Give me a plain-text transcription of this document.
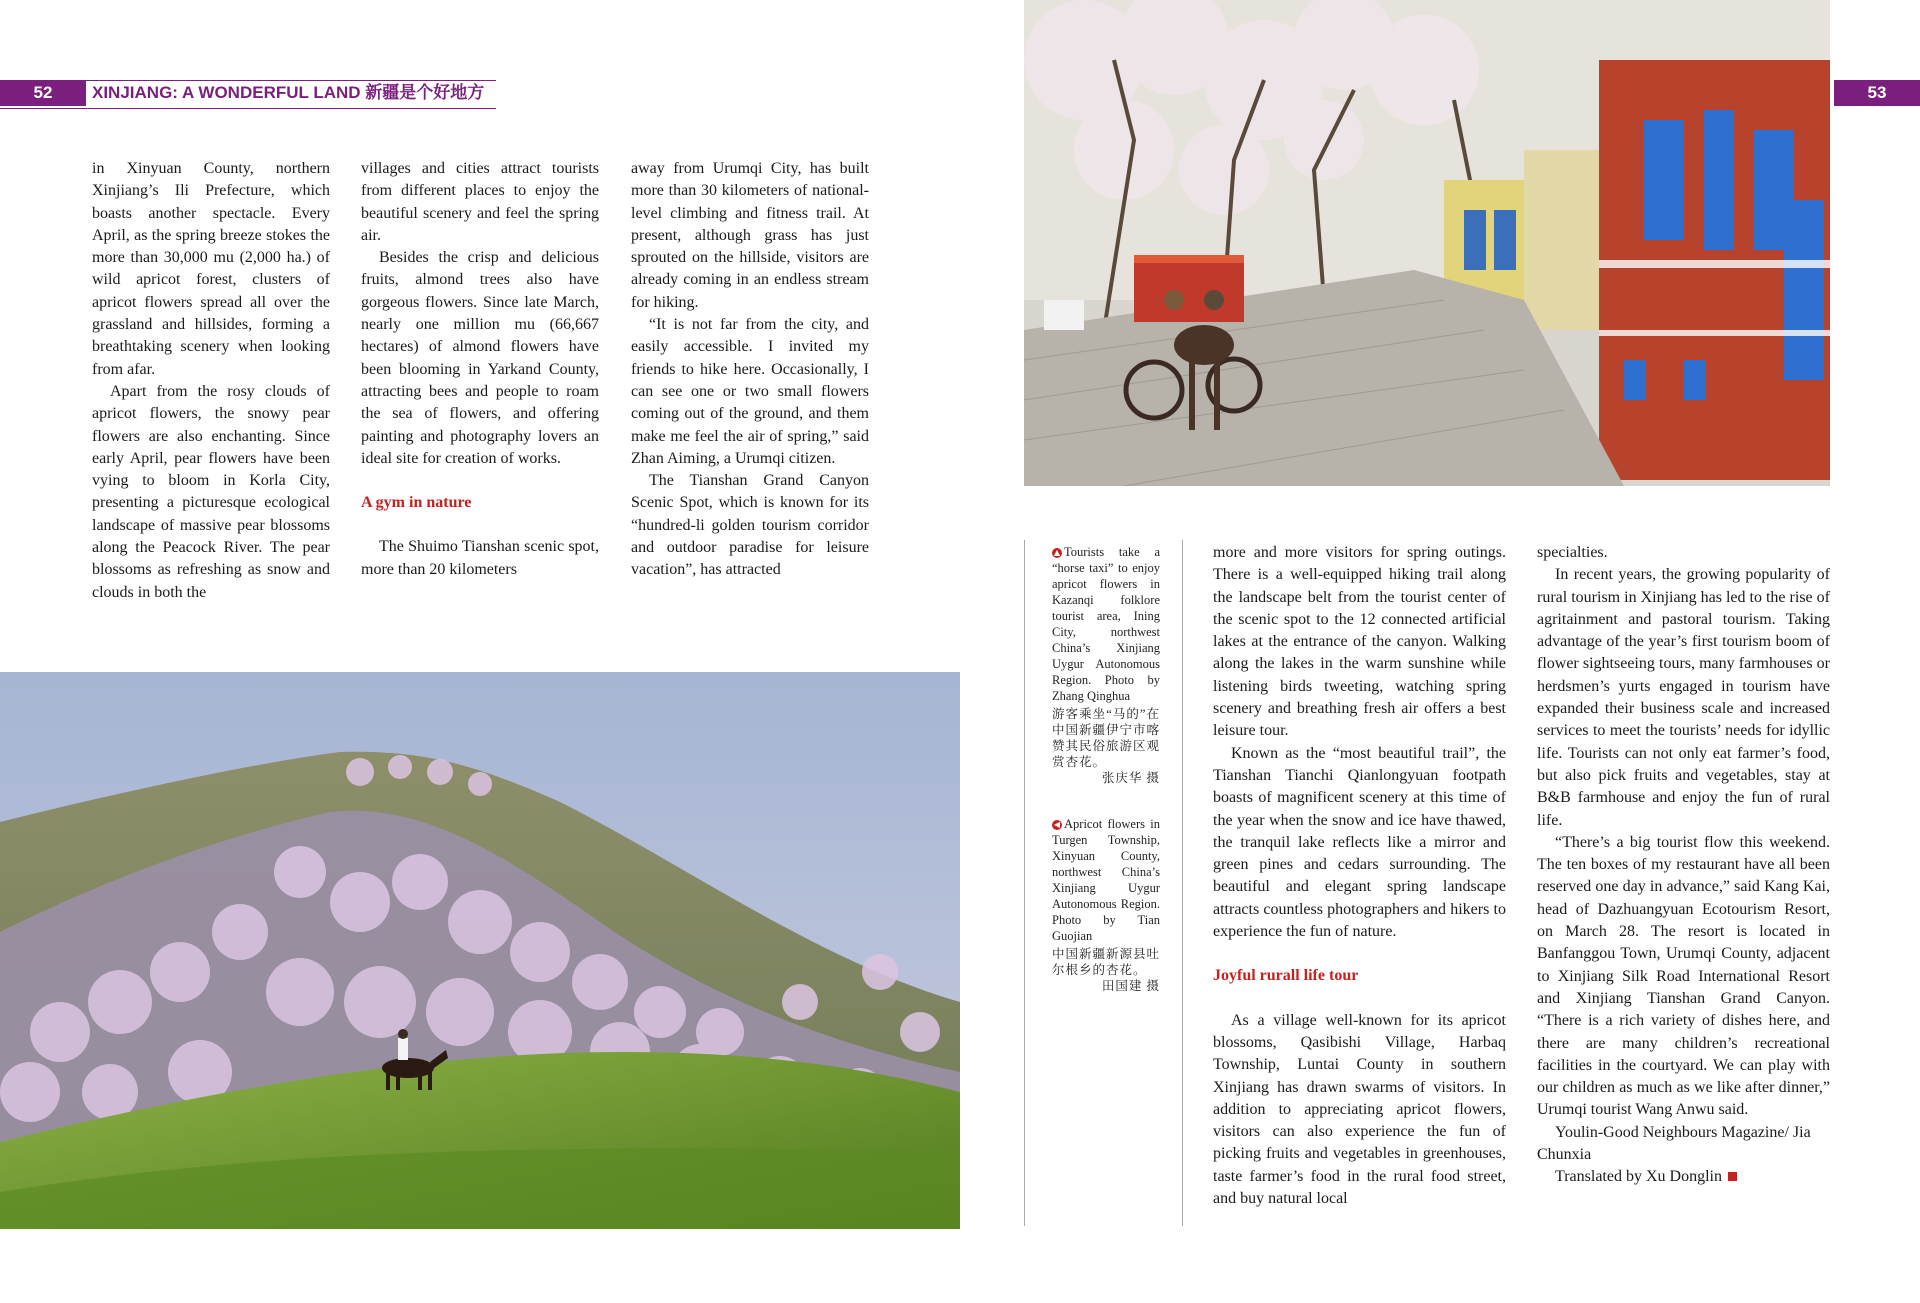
52	XINJIANG: A WONDERFUL LAND 新疆是个好地方	53

in Xinyuan County, northern Xinjiang’s Ili Prefecture, which boasts another spectacle. Every April, as the spring breeze stokes the more than 30,000 mu (2,000 ha.) of wild apricot forest, clusters of apricot flowers spread all over the grassland and hillsides, forming a breathtaking scenery when looking from afar.

Apart from the rosy clouds of apricot flowers, the snowy pear flowers are also enchanting. Since early April, pear flowers have been vying to bloom in Korla City, presenting a picturesque ecological landscape of massive pear blossoms along the Peacock River. The pear blossoms as refreshing as snow and clouds in both the

villages and cities attract tourists from different places to enjoy the beautiful scenery and feel the spring air.

Besides the crisp and delicious fruits, almond trees also have gorgeous flowers. Since late March, nearly one million mu (66,667 hectares) of almond flowers have been blooming in Yarkand County, attracting bees and people to roam the sea of flowers, and offering painting and photography lovers an ideal site for creation of works.

A gym in nature

The Shuimo Tianshan scenic spot, more than 20 kilometers

away from Urumqi City, has built more than 30 kilometers of national-level climbing and fitness trail. At present, although grass has just sprouted on the hillside, visitors are already coming in an endless stream for hiking.

“It is not far from the city, and easily accessible. I invited my friends to hike here. Occasionally, I can see one or two small flowers coming out of the ground, and them make me feel the air of spring,” said Zhan Aiming, a Urumqi citizen.

The Tianshan Grand Canyon Scenic Spot, which is known for its “hundred-li golden tourism corridor and outdoor paradise for leisure vacation”, has attracted

▲ Tourists take a “horse taxi” to enjoy apricot flowers in Kazanqi folklore tourist area, Ining City, northwest China’s Xinjiang Uygur Autonomous Region. Photo by Zhang Qinghua
游客乘坐“马的”在中国新疆伊宁市喀赞其民俗旅游区观赏杏花。
张庆华 摄
◀ Apricot flowers in Turgen Township, Xinyuan County, northwest China’s Xinjiang Uygur Autonomous Region. Photo by Tian Guojian
中国新疆新源县吐尔根乡的杏花。
田国建 摄

more and more visitors for spring outings. There is a well-equipped hiking trail along the landscape belt from the tourist center of the scenic spot to the 12 connected artificial lakes at the entrance of the canyon. Walking along the lakes in the warm sunshine while listening birds tweeting, watching spring scenery and breathing fresh air offers a best leisure tour.

Known as the “most beautiful trail”, the Tianshan Tianchi Qianlongyuan footpath boasts of magnificent scenery at this time of the year when the snow and ice have thawed, the tranquil lake reflects like a mirror and green pines and cedars surrounding. The beautiful and elegant spring landscape attracts countless photographers and hikers to experience the fun of nature.

Joyful rurall life tour

As a village well-known for its apricot blossoms, Qasibishi Village, Harbaq Township, Luntai County in southern Xinjiang has drawn swarms of visitors. In addition to appreciating apricot flowers, visitors can also experience the fun of picking fruits and vegetables in greenhouses, taste farmer’s food in the rural food street, and buy natural local

specialties.

In recent years, the growing popularity of rural tourism in Xinjiang has led to the rise of agritainment and pastoral tourism. Taking advantage of the year’s first tourism boom of flower sightseeing tours, many farmhouses or herdsmen’s yurts engaged in tourism have expanded their business scale and increased services to meet the tourists’ needs for idyllic life. Tourists can not only eat farmer’s food, but also pick fruits and vegetables, stay at B&B farmhouse and enjoy the fun of rural life.

“There’s a big tourist flow this weekend. The ten boxes of my restaurant have all been reserved one day in advance,” said Kang Kai, head of Dazhuangyuan Ecotourism Resort, on March 28. The resort is located in Banfanggou Town, Urumqi County, adjacent to Xinjiang Silk Road International Resort and Xinjiang Tianshan Grand Canyon. “There is a rich variety of dishes here, and there are many children’s recreational facilities in the courtyard. We can play with our children as much as we like after dinner,” Urumqi tourist Wang Anwu said.

Youlin-Good Neighbours Magazine/ Jia Chunxia

Translated by Xu Donglin
